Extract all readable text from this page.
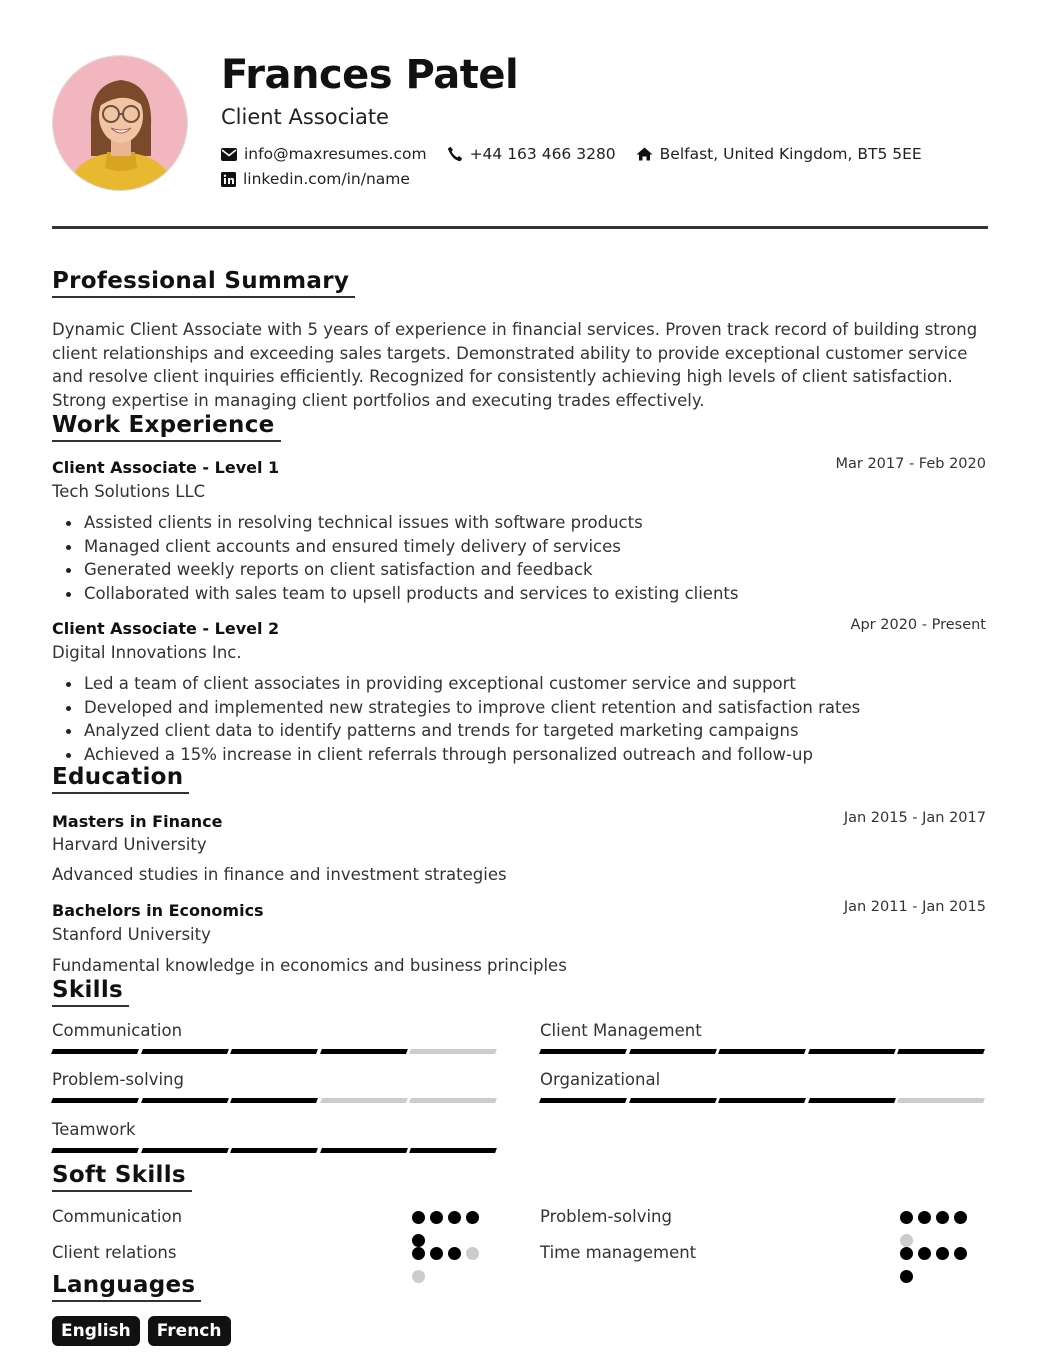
Frances Patel
Client Associate
info@maxresumes.com	+44 163 466 3280	Belfast, United Kingdom, BT5 5EE
linkedin.com/in/name
Professional Summary

Dynamic Client Associate with 5 years of experience in financial services. Proven track record of building strong client relationships and exceeding sales targets. Demonstrated ability to provide exceptional customer service and resolve client inquiries efficiently. Recognized for consistently achieving high levels of client satisfaction. Strong expertise in managing client portfolios and executing trades effectively.

Work Experience
Client Associate - Level 1	Mar 2017 - Feb 2020
Tech Solutions LLC
Assisted clients in resolving technical issues with software products
Managed client accounts and ensured timely delivery of services
Generated weekly reports on client satisfaction and feedback
Collaborated with sales team to upsell products and services to existing clients
Client Associate - Level 2	Apr 2020 - Present
Digital Innovations Inc.
Led a team of client associates in providing exceptional customer service and support
Developed and implemented new strategies to improve client retention and satisfaction rates
Analyzed client data to identify patterns and trends for targeted marketing campaigns
Achieved a 15% increase in client referrals through personalized outreach and follow-up
Education
Masters in Finance	Jan 2015 - Jan 2017
Harvard University
Advanced studies in finance and investment strategies
Bachelors in Economics	Jan 2011 - Jan 2015
Stanford University
Fundamental knowledge in economics and business principles
Skills
Communication	Client Management
Problem-solving	Organizational
Teamwork
Soft Skills
Communication	Problem-solving
Client relations	Time management
Languages
English	French
